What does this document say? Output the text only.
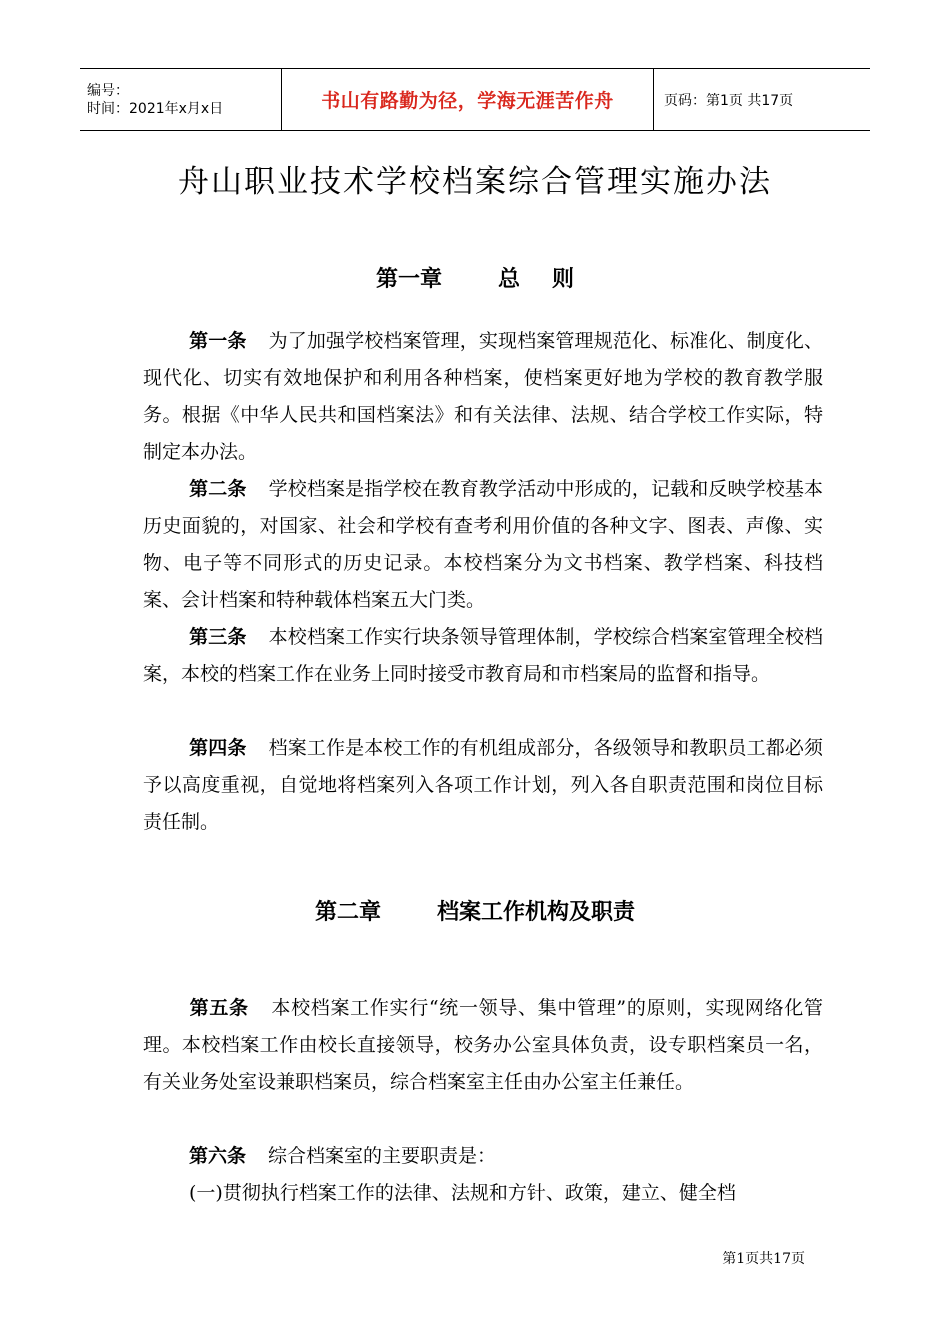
编号：
时间：2021年x月x日	书山有路勤为径，学海无涯苦作舟	页码：第1页 共17页
舟山职业技术学校档案综合管理实施办法
第一章	总 则
第一条 为了加强学校档案管理，实现档案管理规范化、标准化、制度化、现代化、切实有效地保护和利用各种档案，使档案更好地为学校的教育教学服务。根据《中华人民共和国档案法》和有关法律、法规、结合学校工作实际，特制定本办法。
第二条 学校档案是指学校在教育教学活动中形成的，记载和反映学校基本历史面貌的，对国家、社会和学校有查考利用价值的各种文字、图表、声像、实物、电子等不同形式的历史记录。本校档案分为文书档案、教学档案、科技档案、会计档案和特种载体档案五大门类。
第三条 本校档案工作实行块条领导管理体制，学校综合档案室管理全校档案，本校的档案工作在业务上同时接受市教育局和市档案局的监督和指导。
第四条 档案工作是本校工作的有机组成部分，各级领导和教职员工都必须予以高度重视，自觉地将档案列入各项工作计划，列入各自职责范围和岗位目标责任制。
第二章	档案工作机构及职责
第五条 本校档案工作实行“统一领导、集中管理”的原则，实现网络化管理。本校档案工作由校长直接领导，校务办公室具体负责，设专职档案员一名，有关业务处室设兼职档案员，综合档案室主任由办公室主任兼任。
第六条 综合档案室的主要职责是：
(一)贯彻执行档案工作的法律、法规和方针、政策，建立、健全档
第1页共17页
